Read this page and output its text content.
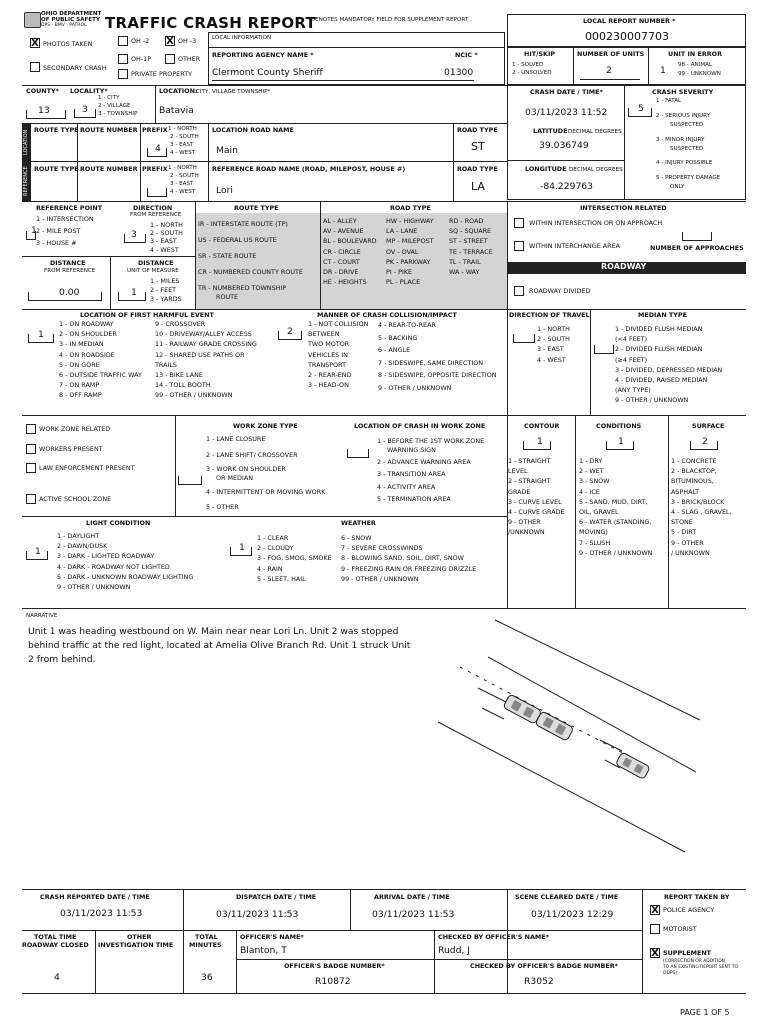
OHIO DEPARTMENT
OF PUBLIC SAFETY
DPS · BMV · PATROL TRAFFIC CRASH REPORT
*DENOTES MANDATORY FIELD FOR SUPPLEMENT REPORT	LOCAL REPORT NUMBER *
000230007703
X PHOTOS TAKEN	OH -2 X OH -3
OH-1P	OTHER
SECONDARY CRASH
PRIVATE PROPERTY
LOCAL INFORMATION
REPORTING AGENCY NAME *
Clermont County Sheriff
NCIC *
01300
HIT/SKIP
1 - SOLVED
2 - UNSOLVED
NUMBER OF UNITS
2
UNIT IN ERROR
1 98 - ANIMAL
99 - UNKNOWN
COUNTY*
13
LOCALITY*
3
1 - CITY
2 - VILLAGE
3 - TOWNSHIP
LOCATION:
CITY, VILLAGE TOWNSHIP*
Batavia
CRASH DATE / TIME*
03/11/2023 11:52
CRASH SEVERITY
5
1 - FATAL
2 - SERIOUS INJURY
SUSPECTED
3 - MINOR INJURY
SUSPECTED
4 - INJURY POSSIBLE
5 - PROPERTY DAMAGE
ONLY
LATITUDE DECIMAL DEGREES
39.036749
LONGITUDE DECIMAL DEGREES
-84.229763
LOCATION
REFERENCE
ROUTE TYPE ROUTE NUMBER PREFIX 1 - NORTH
2 - SOUTH
3 - EAST
4 - WEST
4
LOCATION ROAD NAME
Main
ROAD TYPE
ST
ROUTE TYPE ROUTE NUMBER PREFIX 1 - NORTH
2 - SOUTH
3 - EAST
4 - WEST
REFERENCE ROAD NAME (ROAD, MILEPOST, HOUSE #)
Lori
ROAD TYPE
LA
REFERENCE POINT
1 - INTERSECTION
2 - MILE POST
3 - HOUSE #
1
DIRECTION
FROM REFERENCE
1 - NORTH
2 - SOUTH
3 - EAST
4 - WEST
3
DISTANCE
FROM REFERENCE
0.00
DISTANCE
UNIT OF MEASURE
1 - MILES
2 - FEET
3 - YARDS
1
ROUTE TYPE
IR - INTERSTATE ROUTE (TP)
US - FEDERAL US ROUTE
SR - STATE ROUTE
CR - NUMBERED COUNTY ROUTE
TR - NUMBERED TOWNSHIP
ROUTE
ROAD TYPE
AL - ALLEY
AV - AVENUE
BL - BOULEVARD
CR - CIRCLE
CT - COURT
DR - DRIVE
HE - HEIGHTS
HW - HIGHWAY
LA - LANE
MP - MILEPOST
OV - OVAL
PK - PARKWAY
PI - PIKE
PL - PLACE
RD - ROAD
SQ - SQUARE
ST - STREET
TE - TERRACE
TL - TRAIL
WA - WAY
INTERSECTION RELATED
WITHIN INTERSECTION OR ON APPROACH
WITHIN INTERCHANGE AREA	NUMBER OF APPROACHES
ROADWAY
ROADWAY DIVIDED
LOCATION OF FIRST HARMFUL EVENT
1
1 - ON ROADWAY
2 - ON SHOULDER
3 - IN MEDIAN
4 - ON ROADSIDE
5 - ON GORE
6 - OUTSIDE TRAFFIC WAY
7 - ON RAMP
8 - OFF RAMP
9 - CROSSOVER
10 - DRIVEWAY/ALLEY ACCESS
11 - RAILWAY GRADE CROSSING
12 - SHARED USE PATHS OR
TRAILS
13 - BIKE LANE
14 - TOLL BOOTH
99 - OTHER / UNKNOWN
MANNER OF CRASH COLLISION/IMPACT
2
1 - NOT COLLISION
BETWEEN
TWO MOTOR
VEHICLES IN
TRANSPORT
2 - REAR-END
3 - HEAD-ON
4 - REAR-TO-REAR
5 - BACKING
6 - ANGLE
7 - SIDESWIPE, SAME DIRECTION
8 - SIDESWIPE, OPPOSITE DIRECTION
9 - OTHER / UNKNOWN
DIRECTION OF TRAVEL
1 - NORTH
2 - SOUTH
3 - EAST
4 - WEST
MEDIAN TYPE
1 - DIVIDED FLUSH MEDIAN
(<4 FEET)
2 - DIVIDED FLUSH MEDIAN
(≥4 FEET)
3 - DIVIDED, DEPRESSED MEDIAN
4 - DIVIDED, RAISED MEDIAN
(ANY TYPE)
9 - OTHER / UNKNOWN
WORK ZONE RELATED
WORKERS PRESENT
LAW ENFORCEMENT PRESENT
ACTIVE SCHOOL ZONE
WORK ZONE TYPE
1 - LANE CLOSURE
2 - LANE SHIFT/ CROSSOVER
3 - WORK ON SHOULDER
OR MEDIAN
4 - INTERMITTENT OR MOVING WORK
5 - OTHER
LOCATION OF CRASH IN WORK ZONE
1 - BEFORE THE 1ST WORK ZONE
WARNING SIGN
2 - ADVANCE WARNING AREA
3 - TRANSITION AREA
4 - ACTIVITY AREA
5 - TERMINATION AREA
CONTOUR
1
1 - STRAIGHT
LEVEL
2 - STRAIGHT
GRADE
3 - CURVE LEVEL
4 - CURVE GRADE
9 - OTHER
/UNKNOWN
CONDITIONS
1
1 - DRY
2 - WET
3 - SNOW
4 - ICE
5 - SAND, MUD, DIRT,
OIL, GRAVEL
6 - WATER (STANDING,
MOVING)
7 - SLUSH
9 - OTHER / UNKNOWN
SURFACE
2
1 - CONCRETE
2 - BLACKTOP,
BITUMINOUS,
ASPHALT
3 - BRICK/BLOCK
4 - SLAG , GRAVEL,
STONE
5 - DIRT
9 - OTHER
/ UNKNOWN
LIGHT CONDITION
1
1 - DAYLIGHT
2 - DAWN/DUSK
3 - DARK - LIGHTED ROADWAY
4 - DARK - ROADWAY NOT LIGHTED
5 - DARK - UNKNOWN ROADWAY LIGHTING
9 - OTHER / UNKNOWN
WEATHER
1
1 - CLEAR
2 - CLOUDY
3 - FOG, SMOG, SMOKE
4 - RAIN
5 - SLEET, HAIL
6 - SNOW
7 - SEVERE CROSSWINDS
8 - BLOWING SAND, SOIL, DIRT, SNOW
9 - FREEZING RAIN OR FREEZING DRIZZLE
99 - OTHER / UNKNOWN
NARRATIVE
Unit 1 was heading westbound on W. Main near near Lori Ln. Unit 2 was stopped
behind traffic at the red light, located at Amelia Olive Branch Rd. Unit 1 struck Unit
2 from behind.
CRASH REPORTED DATE / TIME
03/11/2023 11:53
DISPATCH DATE / TIME
03/11/2023 11:53
ARRIVAL DATE / TIME
03/11/2023 11:53
SCENE CLEARED DATE / TIME
03/11/2023 12:29
REPORT TAKEN BY
X POLICE AGENCY
MOTORIST
X SUPPLEMENT
(CORRECTION OR ADDITION
TO AN EXISTING REPORT SENT TO
ODPS)
TOTAL TIME
ROADWAY CLOSED
4
OTHER
INVESTIGATION TIME
TOTAL
MINUTES
36
OFFICER'S NAME*
Blanton, T
CHECKED BY OFFICER'S NAME*
Rudd, J
OFFICER'S BADGE NUMBER*
R10872
CHECKED BY OFFICER'S BADGE NUMBER*
R3052
PAGE 1 OF 5
